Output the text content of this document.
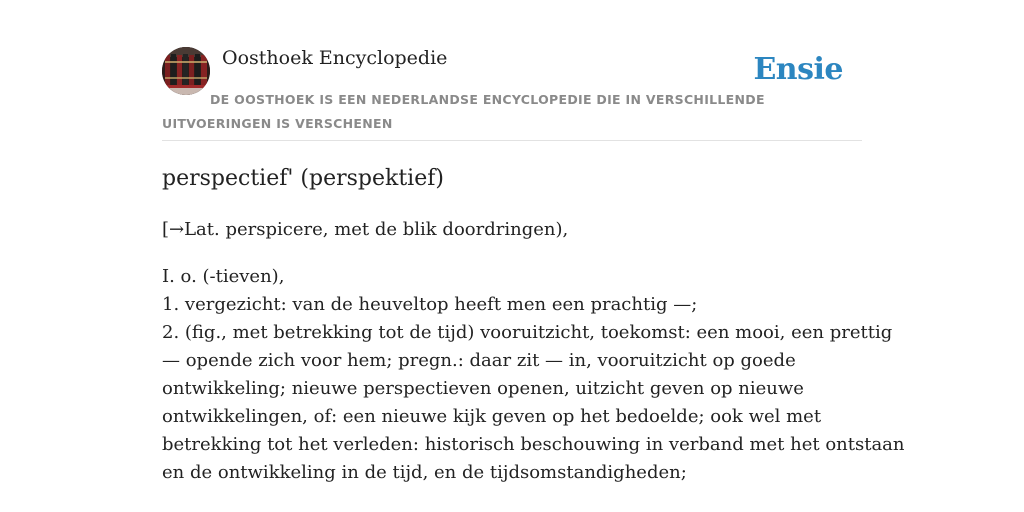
Oosthoek Encyclopedie	Ensie
DE OOSTHOEK IS EEN NEDERLANDSE ENCYCLOPEDIE DIE IN VERSCHILLENDE UITVOERINGEN IS VERSCHENEN
perspectief' (perspektief)
[→Lat. perspicere, met de blik doordringen),
I. o. (-tieven),
1. vergezicht: van de heuveltop heeft men een prachtig —;
2. (fig., met betrekking tot de tijd) vooruitzicht, toekomst: een mooi, een prettig
— opende zich voor hem; pregn.: daar zit — in, vooruitzicht op goede
ontwikkeling; nieuwe perspectieven openen, uitzicht geven op nieuwe
ontwikkelingen, of: een nieuwe kijk geven op het bedoelde; ook wel met
betrekking tot het verleden: historisch beschouwing in verband met het ontstaan
en de ontwikkeling in de tijd, en de tijdsomstandigheden;
